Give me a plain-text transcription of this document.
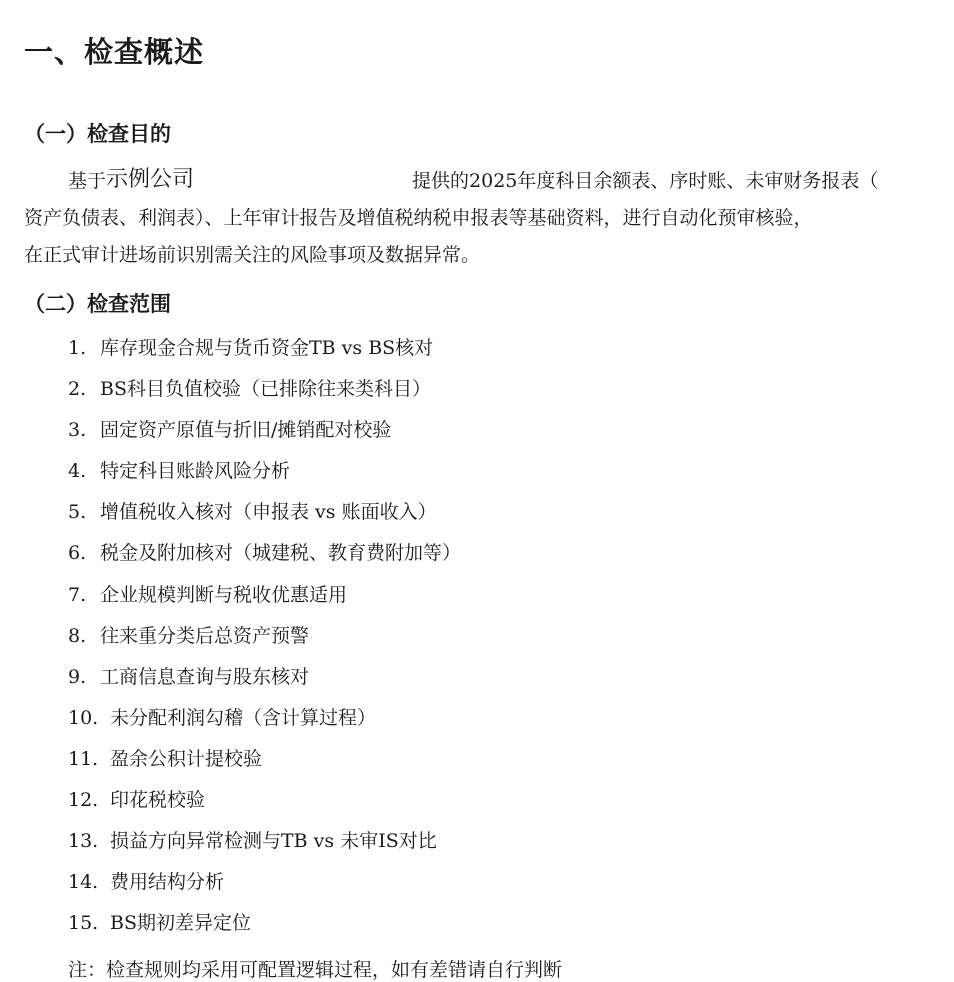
一、检查概述
（一）检查目的

基于示例公司	提供的2025年度科目余额表、序时账、未审财务报表（
资产负债表、利润表）、上年审计报告及增值税纳税申报表等基础资料，进行自动化预审核验，
在正式审计进场前识别需关注的风险事项及数据异常。

（二）检查范围
1. 库存现金合规与货币资金TB vs BS核对
2. BS科目负值校验（已排除往来类科目）
3. 固定资产原值与折旧/摊销配对校验
4. 特定科目账龄风险分析
5. 增值税收入核对（申报表 vs 账面收入）
6. 税金及附加核对（城建税、教育费附加等）
7. 企业规模判断与税收优惠适用
8. 往来重分类后总资产预警
9. 工商信息查询与股东核对
10. 未分配利润勾稽（含计算过程）
11. 盈余公积计提校验
12. 印花税校验
13. 损益方向异常检测与TB vs 未审IS对比
14. 费用结构分析
15. BS期初差异定位
注：检查规则均采用可配置逻辑过程，如有差错请自行判断
